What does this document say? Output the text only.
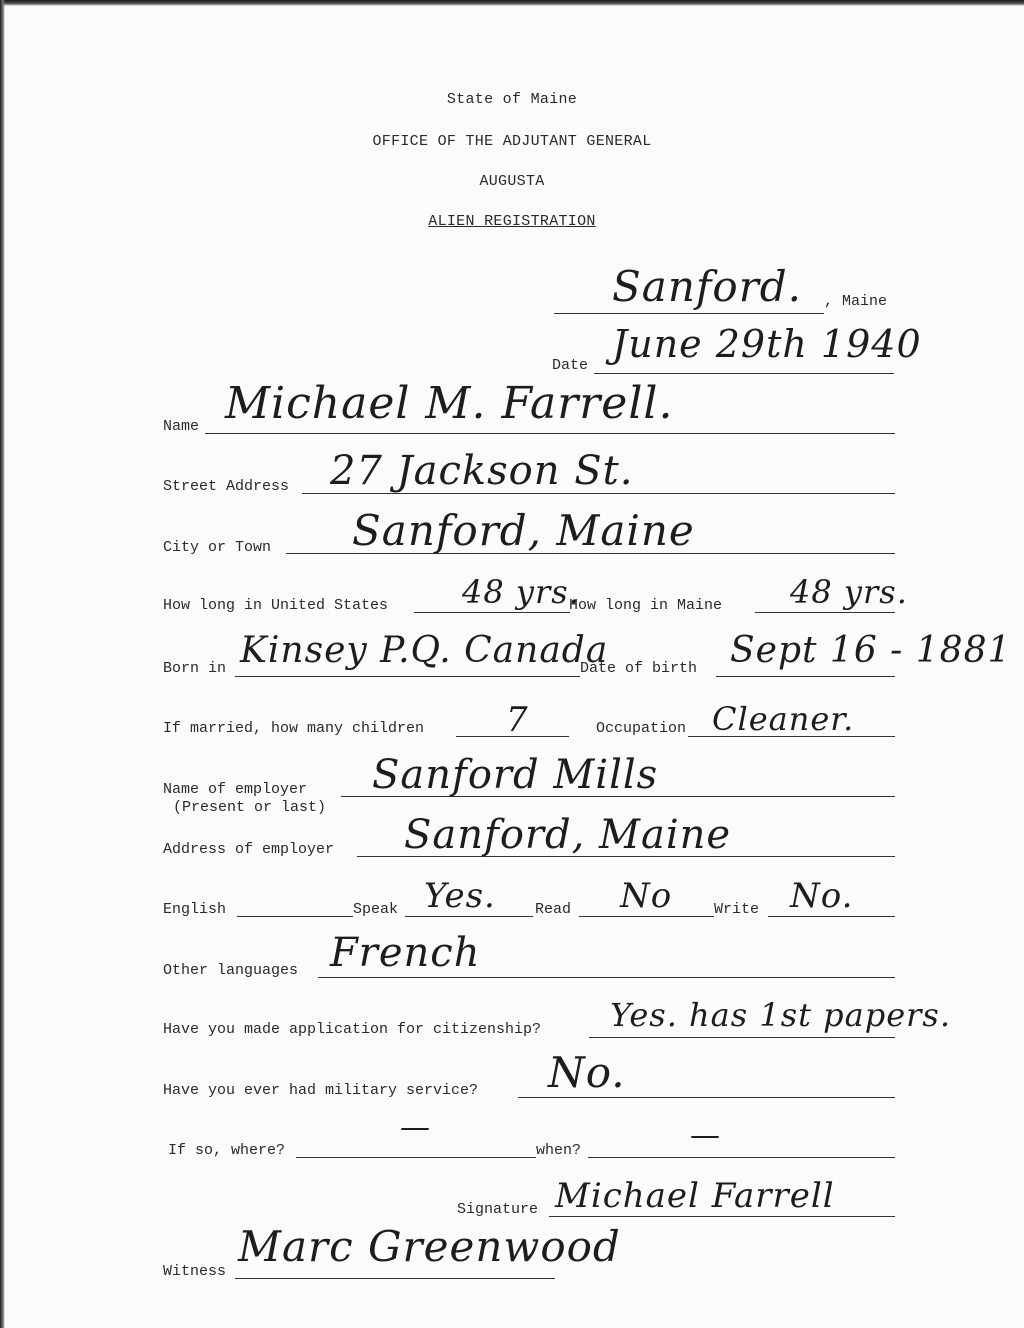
State of Maine
OFFICE OF THE ADJUTANT GENERAL
AUGUSTA
ALIEN REGISTRATION
Sanford. , Maine
Date June 29th 1940
Name Michael M. Farrell.
Street Address 27 Jackson St.
City or Town Sanford, Maine
How long in United States 48 yrs.
How long in Maine 48 yrs.
Born in Kinsey P.Q. Canada
Date of birth Sept 16 - 1881
If married, how many children 7	Occupation Cleaner.
Name of employer
(Present or last)
Sanford Mills
Address of employer Sanford, Maine
English	Speak Yes.	Read No	Write No.
Other languages French
Have you made application for citizenship? Yes. has 1st papers.
Have you ever had military service? No.
If so, where?
—
when?	—
Signature Michael Farrell
Witness
Marc Greenwood
